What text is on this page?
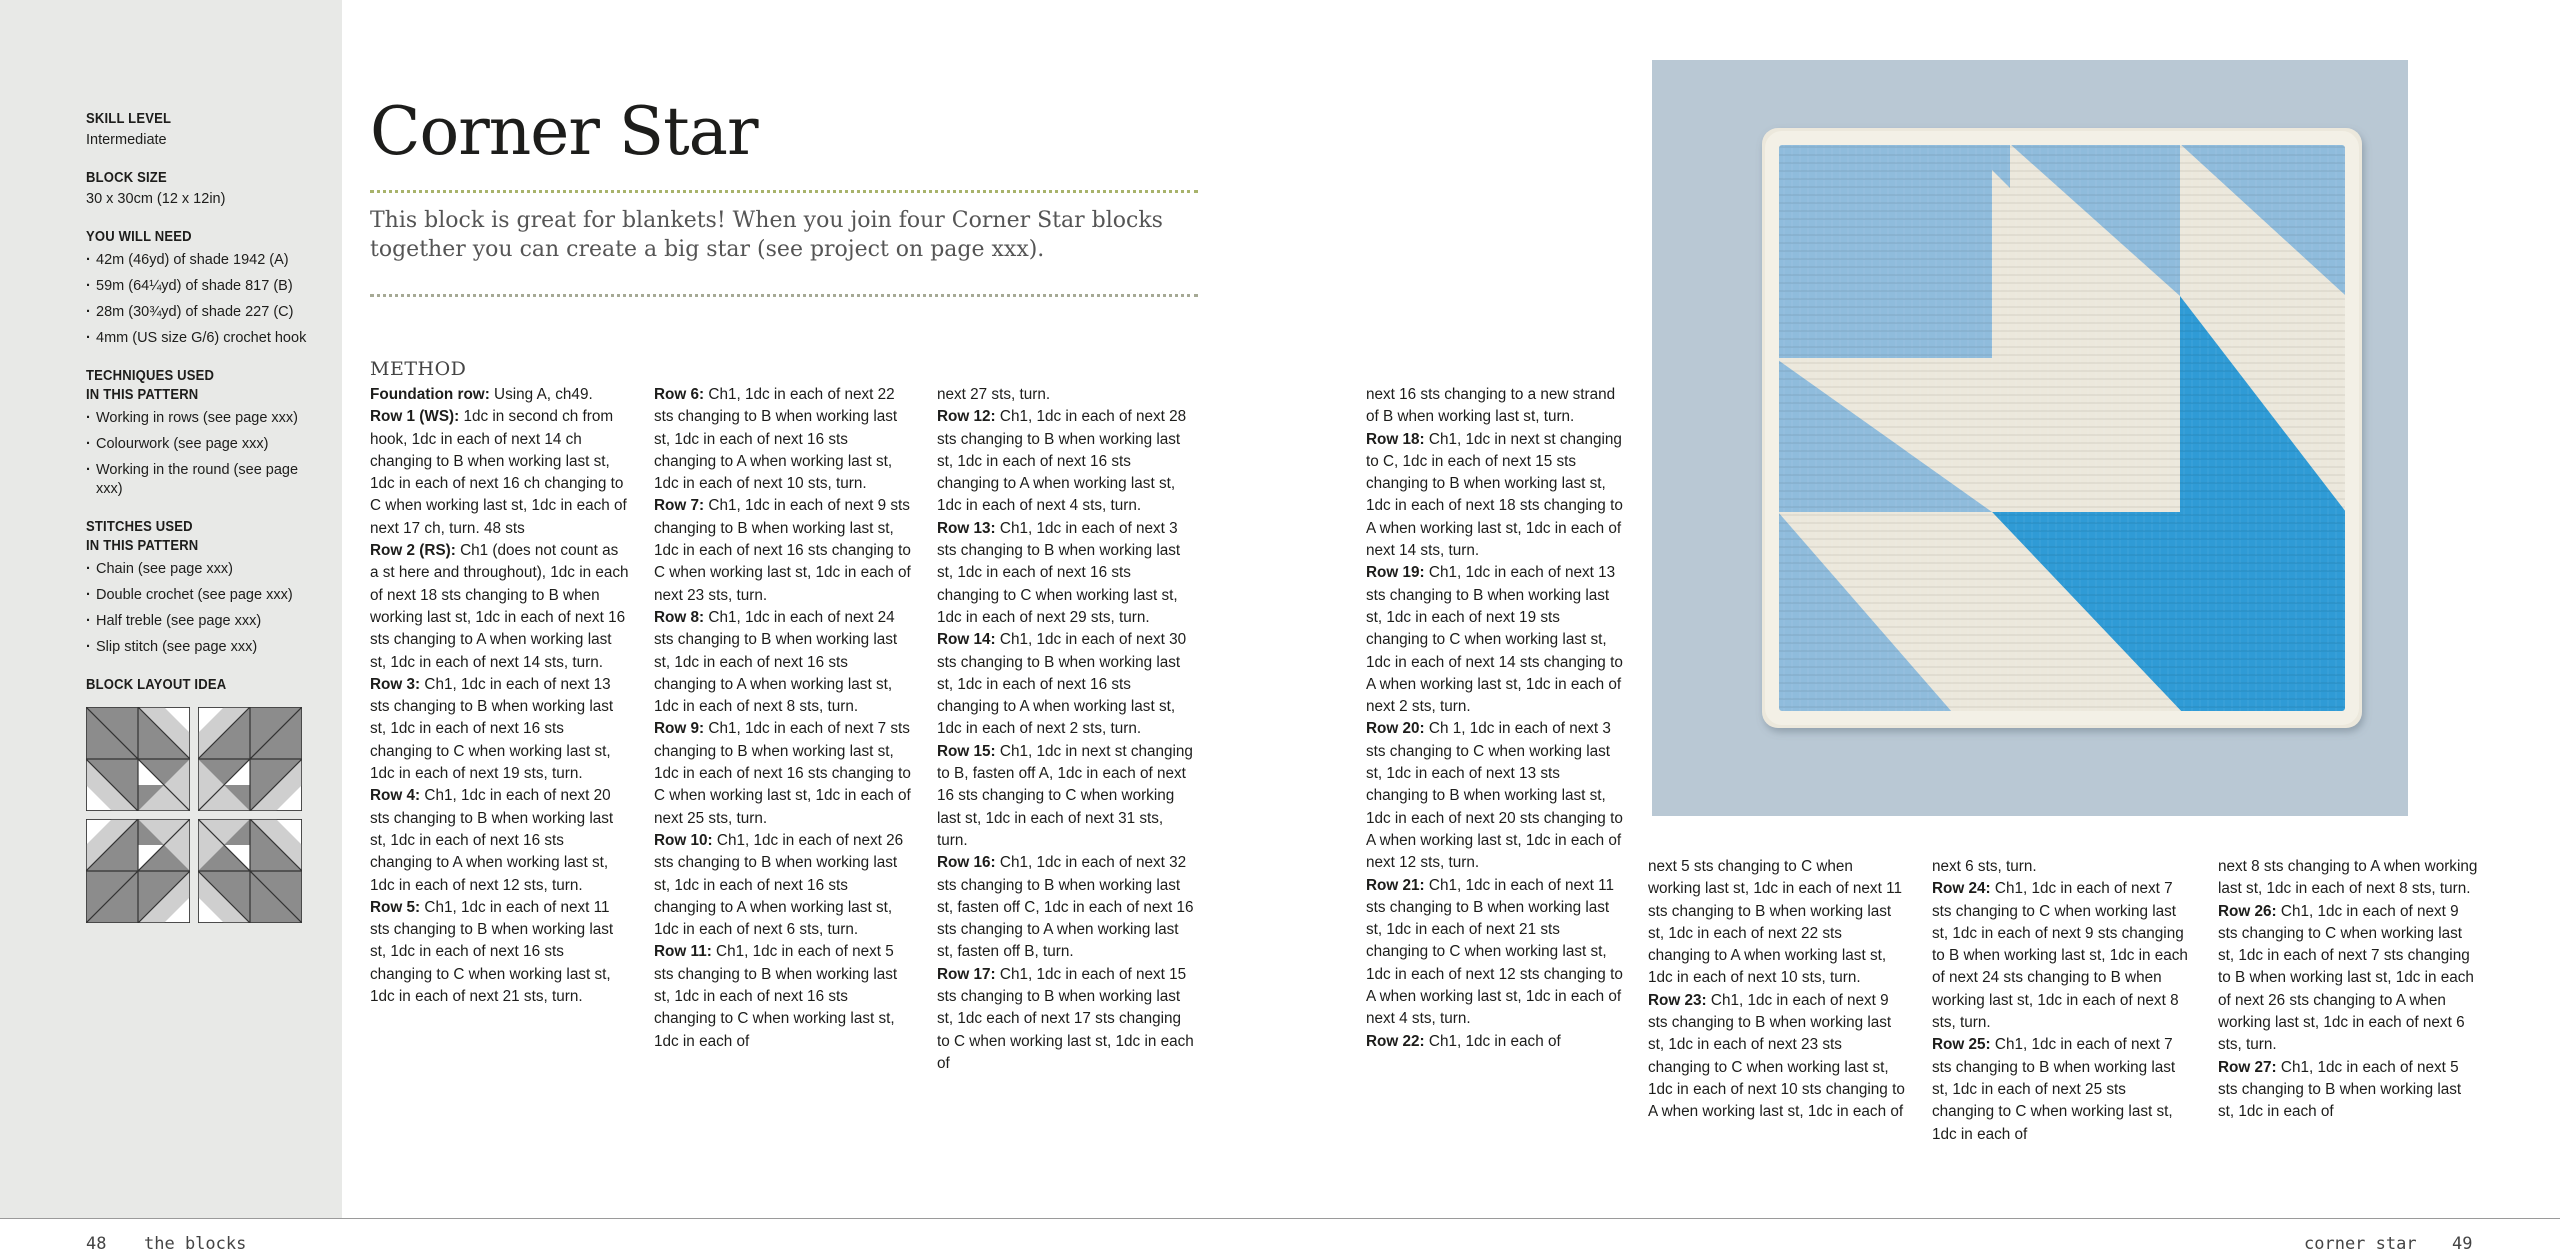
SKILL LEVEL

Intermediate

BLOCK SIZE

30 x 30cm (12 x 12in)

YOU WILL NEED

· 42m (46yd) of shade 1942 (A)
· 59m (64¼yd) of shade 817 (B)
· 28m (30¾yd) of shade 227 (C)
· 4mm (US size G/6) crochet hook

TECHNIQUES USED

IN THIS PATTERN

· Working in rows (see page xxx)
· Colourwork (see page xxx)
· Working in the round (see page xxx)

STITCHES USED

IN THIS PATTERN

· Chain (see page xxx)
· Double crochet (see page xxx)
· Half treble (see page xxx)
· Slip stitch (see page xxx)

BLOCK LAYOUT IDEA

Corner Star

This block is great for blankets! When you join four Corner Star blocks together you can create a big star (see project on page xxx).

METHOD

Foundation row: Using A, ch49.

Row 1 (WS): 1dc in second ch from hook, 1dc in each of next 14 ch changing to B when working last st, 1dc in each of next 16 ch changing to C when working last st, 1dc in each of next 17 ch, turn. 48 sts

Row 2 (RS): Ch1 (does not count as a st here and throughout), 1dc in each of next 18 sts changing to B when working last st, 1dc in each of next 16 sts changing to A when working last st, 1dc in each of next 14 sts, turn.

Row 3: Ch1, 1dc in each of next 13 sts changing to B when working last st, 1dc in each of next 16 sts changing to C when working last st, 1dc in each of next 19 sts, turn.

Row 4: Ch1, 1dc in each of next 20 sts changing to B when working last st, 1dc in each of next 16 sts changing to A when working last st, 1dc in each of next 12 sts, turn.

Row 5: Ch1, 1dc in each of next 11 sts changing to B when working last st, 1dc in each of next 16 sts changing to C when working last st, 1dc in each of next 21 sts, turn.

Row 6: Ch1, 1dc in each of next 22 sts changing to B when working last st, 1dc in each of next 16 sts changing to A when working last st, 1dc in each of next 10 sts, turn.

Row 7: Ch1, 1dc in each of next 9 sts changing to B when working last st, 1dc in each of next 16 sts changing to C when working last st, 1dc in each of next 23 sts, turn.

Row 8: Ch1, 1dc in each of next 24 sts changing to B when working last st, 1dc in each of next 16 sts changing to A when working last st, 1dc in each of next 8 sts, turn.

Row 9: Ch1, 1dc in each of next 7 sts changing to B when working last st, 1dc in each of next 16 sts changing to C when working last st, 1dc in each of next 25 sts, turn.

Row 10: Ch1, 1dc in each of next 26 sts changing to B when working last st, 1dc in each of next 16 sts changing to A when working last st, 1dc in each of next 6 sts, turn.

Row 11: Ch1, 1dc in each of next 5 sts changing to B when working last st, 1dc in each of next 16 sts changing to C when working last st, 1dc in each of

next 27 sts, turn.

Row 12: Ch1, 1dc in each of next 28 sts changing to B when working last st, 1dc in each of next 16 sts changing to A when working last st, 1dc in each of next 4 sts, turn.

Row 13: Ch1, 1dc in each of next 3 sts changing to B when working last st, 1dc in each of next 16 sts changing to C when working last st, 1dc in each of next 29 sts, turn.

Row 14: Ch1, 1dc in each of next 30 sts changing to B when working last st, 1dc in each of next 16 sts changing to A when working last st, 1dc in each of next 2 sts, turn.

Row 15: Ch1, 1dc in next st changing to B, fasten off A, 1dc in each of next 16 sts changing to C when working last st, 1dc in each of next 31 sts, turn.

Row 16: Ch1, 1dc in each of next 32 sts changing to B when working last st, fasten off C, 1dc in each of next 16 sts changing to A when working last st, fasten off B, turn.

Row 17: Ch1, 1dc in each of next 15 sts changing to B when working last st, 1dc each of next 17 sts changing to C when working last st, 1dc in each of

next 16 sts changing to a new strand of B when working last st, turn.

Row 18: Ch1, 1dc in next st changing to C, 1dc in each of next 15 sts changing to B when working last st, 1dc in each of next 18 sts changing to A when working last st, 1dc in each of next 14 sts, turn.

Row 19: Ch1, 1dc in each of next 13 sts changing to B when working last st, 1dc in each of next 19 sts changing to C when working last st, 1dc in each of next 14 sts changing to A when working last st, 1dc in each of next 2 sts, turn.

Row 20: Ch 1, 1dc in each of next 3 sts changing to C when working last st, 1dc in each of next 13 sts changing to B when working last st, 1dc in each of next 20 sts changing to A when working last st, 1dc in each of next 12 sts, turn.

Row 21: Ch1, 1dc in each of next 11 sts changing to B when working last st, 1dc in each of next 21 sts changing to C when working last st, 1dc in each of next 12 sts changing to A when working last st, 1dc in each of next 4 sts, turn.

Row 22: Ch1, 1dc in each of

next 5 sts changing to C when working last st, 1dc in each of next 11 sts changing to B when working last st, 1dc in each of next 22 sts changing to A when working last st, 1dc in each of next 10 sts, turn.

Row 23: Ch1, 1dc in each of next 9 sts changing to B when working last st, 1dc in each of next 23 sts changing to C when working last st, 1dc in each of next 10 sts changing to A when working last st, 1dc in each of

next 6 sts, turn.

Row 24: Ch1, 1dc in each of next 7 sts changing to C when working last st, 1dc in each of next 9 sts changing to B when working last st, 1dc in each of next 24 sts changing to B when working last st, 1dc in each of next 8 sts, turn.

Row 25: Ch1, 1dc in each of next 7 sts changing to B when working last st, 1dc in each of next 25 sts changing to C when working last st, 1dc in each of

next 8 sts changing to A when working last st, 1dc in each of next 8 sts, turn.

Row 26: Ch1, 1dc in each of next 9 sts changing to C when working last st, 1dc in each of next 7 sts changing to B when working last st, 1dc in each of next 26 sts changing to A when working last st, 1dc in each of next 6 sts, turn.

Row 27: Ch1, 1dc in each of next 5 sts changing to B when working last st, 1dc in each of

48 the blocks	corner star 49
